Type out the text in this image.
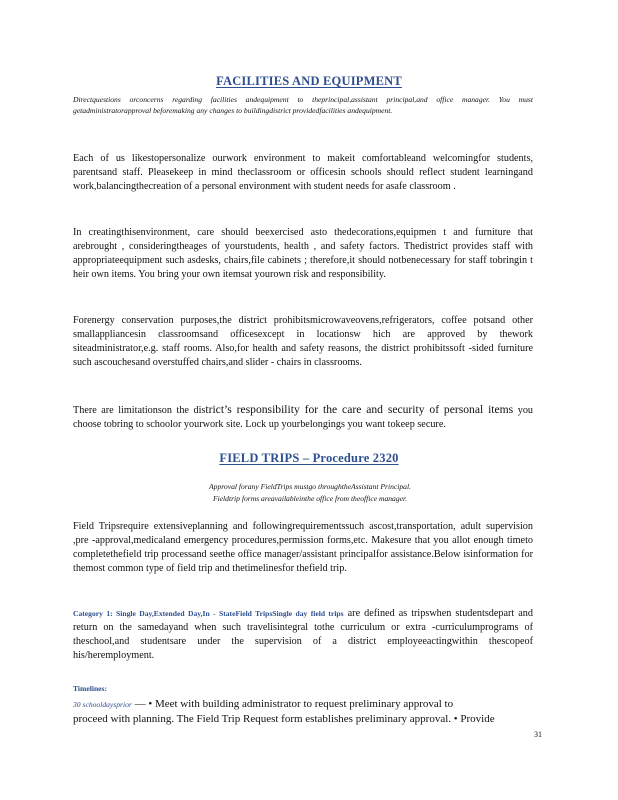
FACILITIES AND EQUIPMENT

Directquestions orconcerns regarding facilities andequipment to theprincipal,assistant principal,and office manager. You must getadministratorapproval beforemaking any changes to buildingdistrict providedfacilities andequipment.

Each of us likestopersonalize ourwork environment to makeit comfortableand welcomingfor students, parentsand staff. Pleasekeep in mind theclassroom or officesin schools should reflect student learningand work,balancingthecreation of a personal environment with student needs for asafe classroom .

In creatingthisenvironment, care should beexercised asto thedecorations,equipmen t and furniture that arebrought , consideringtheages of yourstudents, health , and safety factors. Thedistrict provides staff with appropriateequipment such asdesks, chairs,file cabinets ; therefore,it should notbenecessary for staff tobringin t heir own items. You bring your own itemsat yourown risk and responsibility.

Forenergy conservation purposes,the district prohibitsmicrowaveovens,refrigerators, coffee potsand other smallappliancesin classroomsand officesexcept in locationsw hich are approved by thework siteadministrator,e.g. staff rooms. Also,for health and safety reasons, the district prohibitssoft -sided furniture such ascouchesand overstuffed chairs,and slider - chairs in classrooms.

There are limitationson the district’s responsibility for the care and security of personal items you choose tobring to schoolor yourwork site. Lock up yourbelongings you want tokeep secure.

FIELD TRIPS – Procedure 2320

Approval forany FieldTrips mustgo throughtheAssistant Principal.

Fieldtrip forms areavailableinthe office from theoffice manager.

Field Tripsrequire extensiveplanning and followingrequirementssuch ascost,transportation, adult supervision ,pre -approval,medicaland emergency procedures,permission forms,etc. Makesure that you allot enough timeto completethefield trip processand seethe office manager/assistant principalfor assistance.Below isinformation for themost common type of field trip and thetimelinesfor thefield trip.

Category 1: Single Day,Extended Day,In - StateField TripsSingle day field trips are defined as tripswhen studentsdepart and return on the samedayand when such travelisintegral tothe curriculum or extra -curriculumprograms of theschool,and studentsare under the supervision of a district employeeactingwithin thescopeof his/heremployment.

Timelines:

30 schooldaysprior — • Meet with building administrator to request preliminary approval to
proceed with planning. The Field Trip Request form establishes preliminary approval. • Provide

31
